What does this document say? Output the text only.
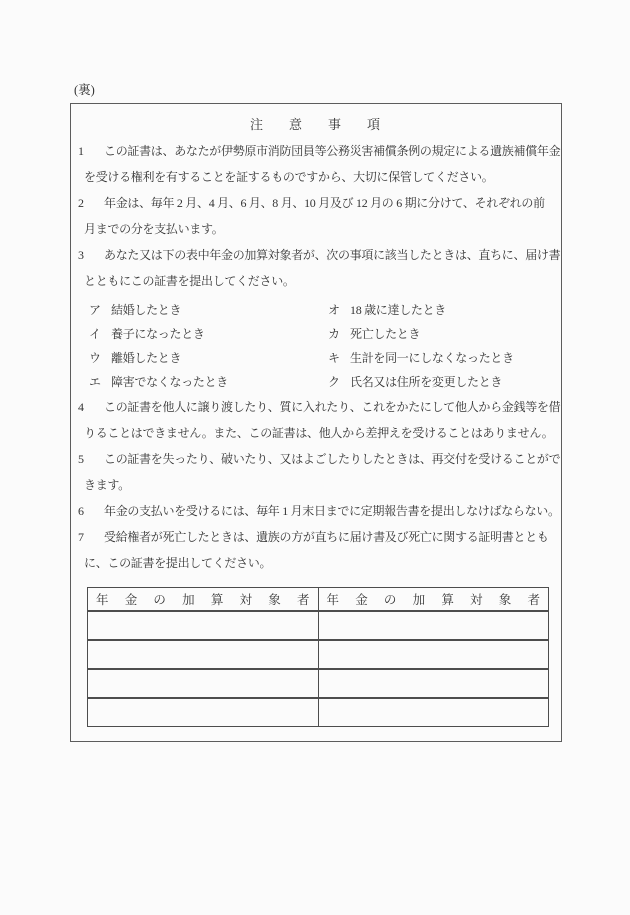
(裏)
注意事項
1 この証書は、あなたが伊勢原市消防団員等公務災害補償条例の規定による遺族補償年金
を受ける権利を有することを証するものですから、大切に保管してください。
2 年金は、毎年 2 月、4 月、6 月、8 月、10 月及び 12 月の 6 期に分けて、それぞれの前
月までの分を支払います。
3 あなた又は下の表中年金の加算対象者が、次の事項に該当したときは、直ちに、届け書
とともにこの証書を提出してください。
ア 結婚したとき	オ 18 歳に達したとき
イ 養子になったとき	カ 死亡したとき
ウ 離婚したとき	キ 生計を同一にしなくなったとき
エ 障害でなくなったとき	ク 氏名又は住所を変更したとき
4 この証書を他人に譲り渡したり、質に入れたり、これをかたにして他人から金銭等を借
りることはできません。また、この証書は、他人から差押えを受けることはありません。
5 この証書を失ったり、破いたり、又はよごしたりしたときは、再交付を受けることがで
きます。
6 年金の支払いを受けるには、毎年 1 月末日までに定期報告書を提出しなけばならない。
7 受給権者が死亡したときは、遺族の方が直ちに届け書及び死亡に関する証明書ととも
に、この証書を提出してください。
年金の加算対象者	年金の加算対象者
